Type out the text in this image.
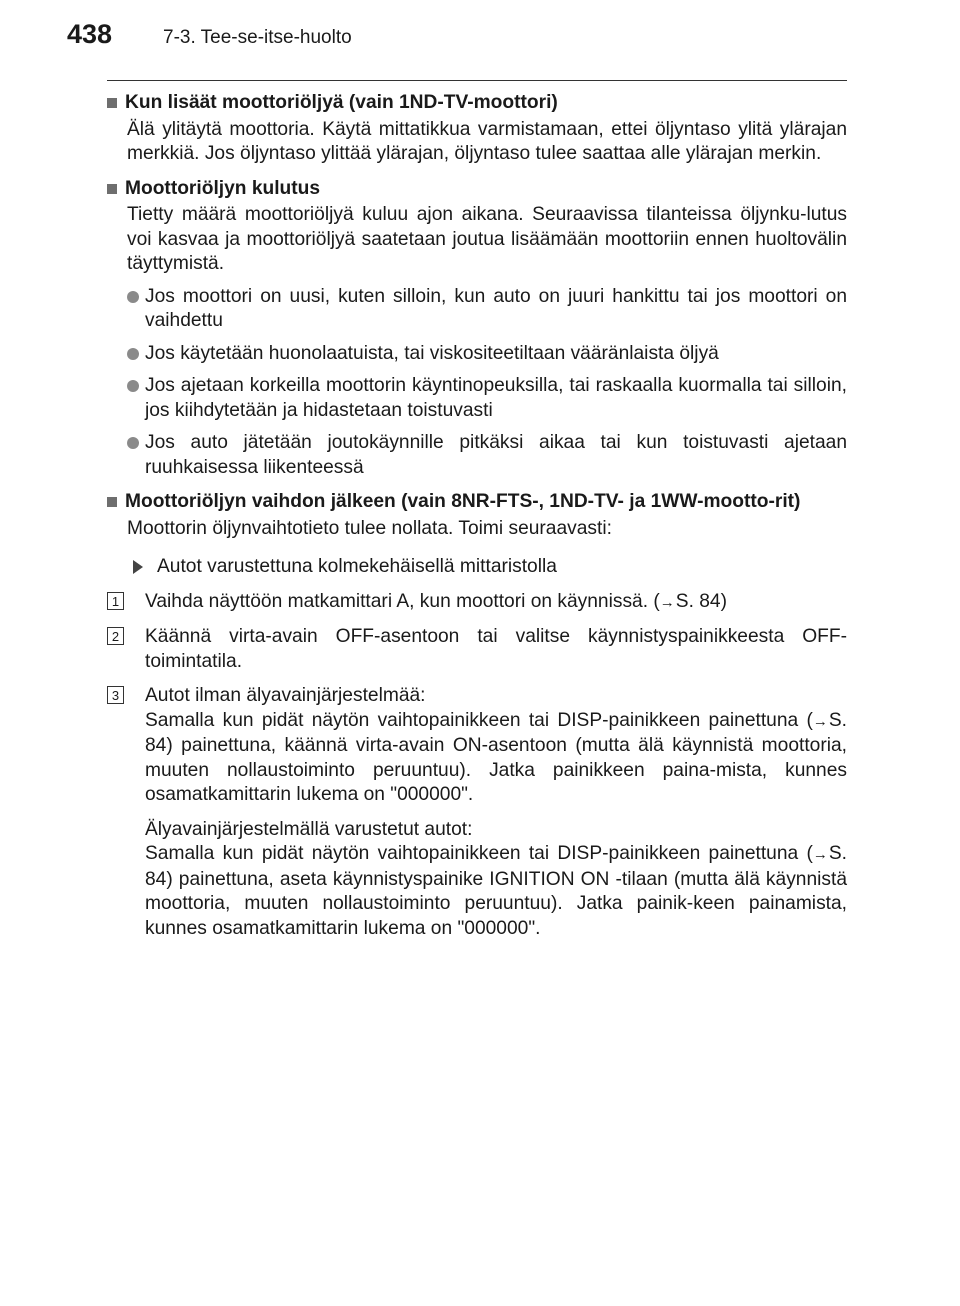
438	7-3. Tee-se-itse-huolto
Kun lisäät moottoriöljyä (vain 1ND-TV-moottori)
Älä ylitäytä moottoria. Käytä mittatikkua varmistamaan, ettei öljyntaso ylitä ylärajan merkkiä. Jos öljyntaso ylittää ylärajan, öljyntaso tulee saattaa alle ylärajan merkin.
Moottoriöljyn kulutus
Tietty määrä moottoriöljyä kuluu ajon aikana. Seuraavissa tilanteissa öljynku-lutus voi kasvaa ja moottoriöljyä saatetaan joutua lisäämään moottoriin ennen huoltovälin täyttymistä.
Jos moottori on uusi, kuten silloin, kun auto on juuri hankittu tai jos moottori on vaihdettu
Jos käytetään huonolaatuista, tai viskositeetiltaan vääränlaista öljyä
Jos ajetaan korkeilla moottorin käyntinopeuksilla, tai raskaalla kuormalla tai silloin, jos kiihdytetään ja hidastetaan toistuvasti
Jos auto jätetään joutokäynnille pitkäksi aikaa tai kun toistuvasti ajetaan ruuhkaisessa liikenteessä
Moottoriöljyn vaihdon jälkeen (vain 8NR-FTS-, 1ND-TV- ja 1WW-mootto-rit)
Moottorin öljynvaihtotieto tulee nollata. Toimi seuraavasti:
Autot varustettuna kolmekehäisellä mittaristolla
1 Vaihda näyttöön matkamittari A, kun moottori on käynnissä. (→S. 84)
2 Käännä virta-avain OFF-asentoon tai valitse käynnistyspainikkeesta OFF-toimintatila.
3 Autot ilman älyavainjärjestelmää:
Samalla kun pidät näytön vaihtopainikkeen tai DISP-painikkeen painettuna (→S. 84) painettuna, käännä virta-avain ON-asentoon (mutta älä käynnistä moottoria, muuten nollaustoiminto peruuntuu). Jatka painikkeen paina-mista, kunnes osamatkamittarin lukema on "000000".

Älyavainjärjestelmällä varustetut autot:
Samalla kun pidät näytön vaihtopainikkeen tai DISP-painikkeen painettuna (→S. 84) painettuna, aseta käynnistyspainike IGNITION ON -tilaan (mutta älä käynnistä moottoria, muuten nollaustoiminto peruuntuu). Jatka painik-keen painamista, kunnes osamatkamittarin lukema on "000000".
